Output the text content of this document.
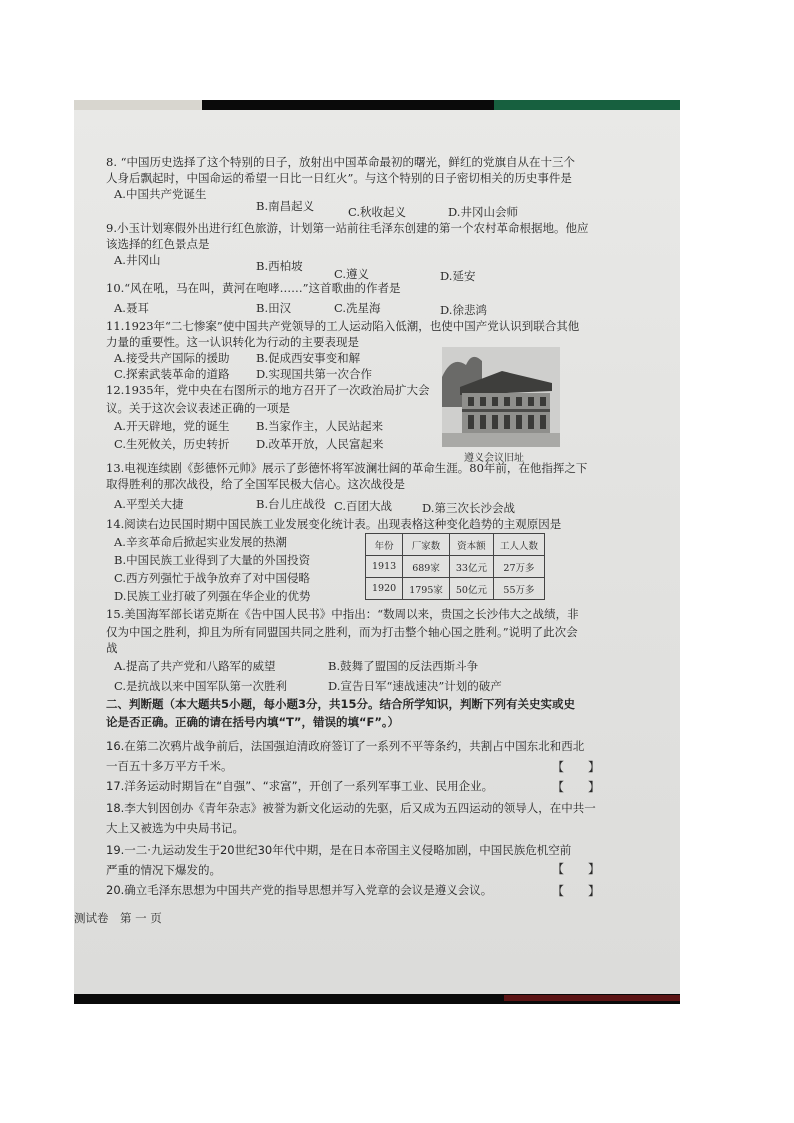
8. “中国历史选择了这个特别的日子，放射出中国革命最初的曙光，鲜红的党旗自从在十三个
人身后飘起时，中国命运的希望一日比一日红火”。与这个特别的日子密切相关的历史事件是
A.中国共产党诞生
B.南昌起义	C.秋收起义	D.井冈山会师
9.小玉计划寒假外出进行红色旅游，计划第一站前往毛泽东创建的第一个农村革命根据地。他应
该选择的红色景点是
A.井冈山	B.西柏坡
C.遵义	D.延安
10.“风在吼，马在叫，黄河在咆哮……”这首歌曲的作者是
A.聂耳	B.田汉	C.冼星海	D.徐悲鸿
11.1923年“二七惨案”使中国共产党领导的工人运动陷入低潮，也使中国产党认识到联合其他
力量的重要性。这一认识转化为行动的主要表现是
A.接受共产国际的援助 B.促成西安事变和解
C.探索武装革命的道路 D.实现国共第一次合作
12.1935年，党中央在右图所示的地方召开了一次政治局扩大会
议。关于这次会议表述正确的一项是
A.开天辟地，党的诞生 B.当家作主，人民站起来
C.生死攸关，历史转折 D.改革开放，人民富起来
遵义会议旧址
13.电视连续剧《彭德怀元帅》展示了彭德怀将军波澜壮阔的革命生涯。80年前，在他指挥之下
取得胜利的那次战役，给了全国军民极大信心。这次战役是
A.平型关大捷	B.台儿庄战役 C.百团大战	D.第三次长沙会战
14.阅读右边民国时期中国民族工业发展变化统计表。出现表格这种变化趋势的主观原因是
A.辛亥革命后掀起实业发展的热潮
B.中国民族工业得到了大量的外国投资
C.西方列强忙于战争放弃了对中国侵略
D.民族工业打破了列强在华企业的优势
年份	厂家数	资本额	工人人数
1913	689家	33亿元	27万多
1920	1795家	50亿元	55万多
15.美国海军部长诺克斯在《告中国人民书》中指出：“数周以来，贵国之长沙伟大之战绩，非
仅为中国之胜利，抑且为所有同盟国共同之胜利，而为打击整个轴心国之胜利。”说明了此次会
战
A.提高了共产党和八路军的威望	B.鼓舞了盟国的反法西斯斗争
C.是抗战以来中国军队第一次胜利	D.宣告日军“速战速决”计划的破产
二、判断题（本大题共5小题，每小题3分，共15分。结合所学知识，判断下列有关史实或史
论是否正确。正确的请在括号内填“T”，错误的填“F”。）
16.在第二次鸦片战争前后，法国强迫清政府签订了一系列不平等条约，共割占中国东北和西北
一百五十多万平方千米。	【　　】
17.洋务运动时期旨在“自强”、“求富”，开创了一系列军事工业、民用企业。	【　　】
18.李大钊因创办《青年杂志》被誉为新文化运动的先驱，后又成为五四运动的领导人，在中共一
大上又被选为中央局书记。
19.一二·九运动发生于20世纪30年代中期，是在日本帝国主义侵略加剧，中国民族危机空前
严重的情况下爆发的。	【　　】
20.确立毛泽东思想为中国共产党的指导思想并写入党章的会议是遵义会议。	【　　】
测试卷　第 一 页
